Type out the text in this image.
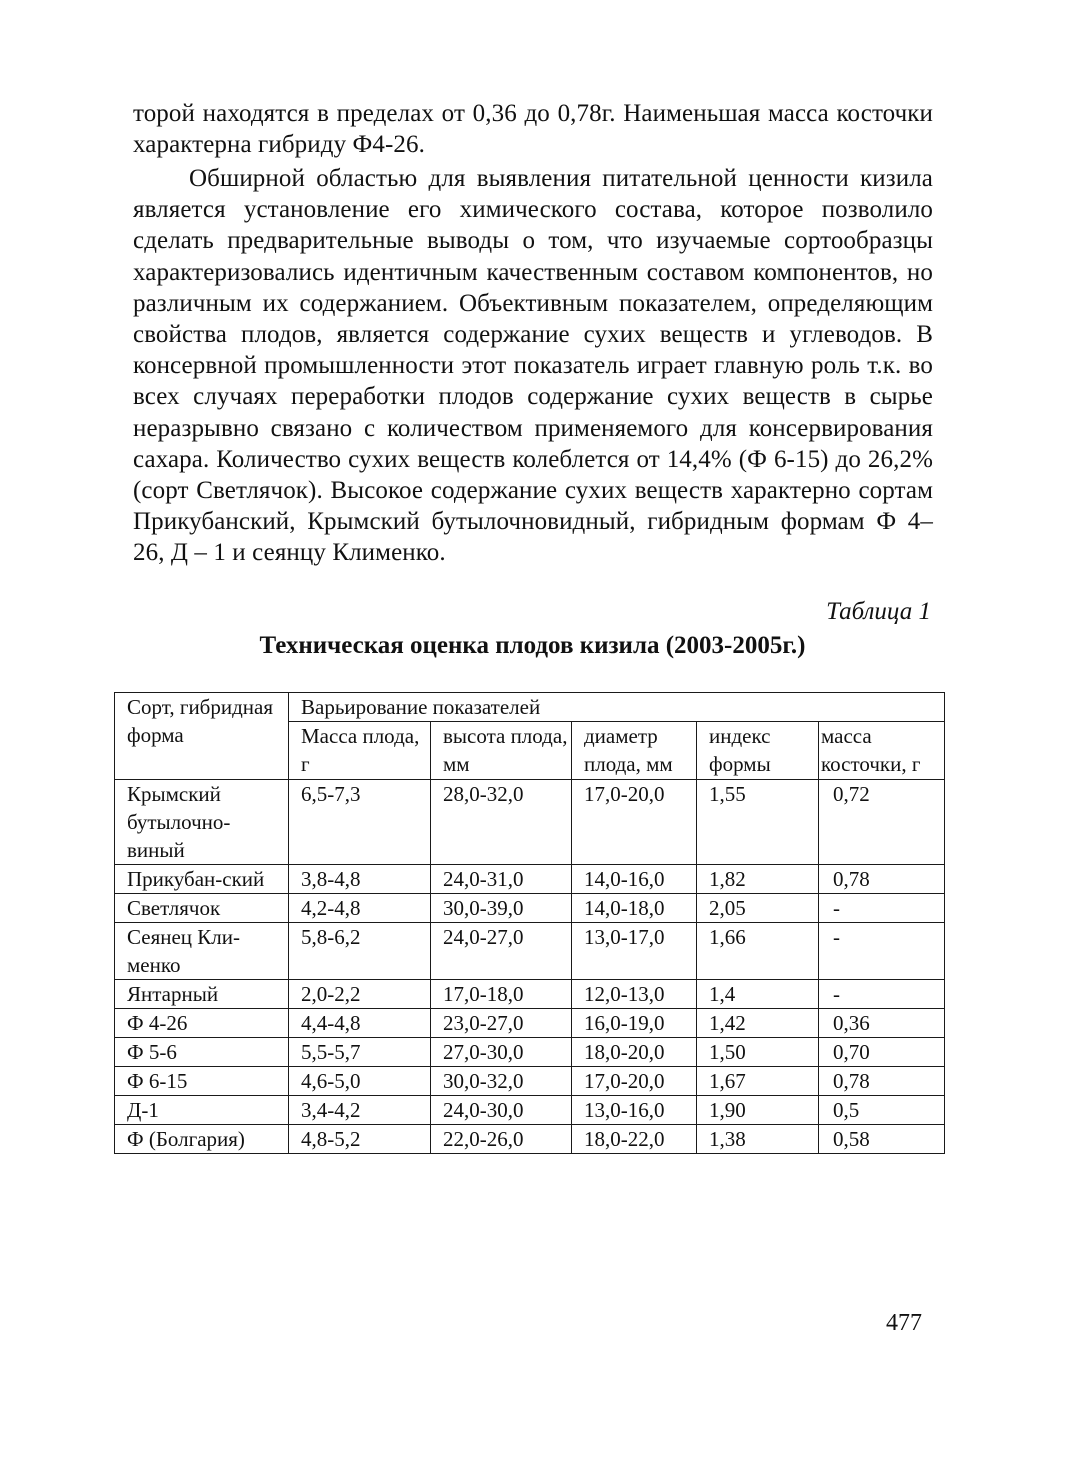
торой находятся в пределах от 0,36 до 0,78г. Наименьшая масса косточки характерна гибриду Ф4-26.

Обширной областью для выявления питательной ценности кизила является установление его химического состава, которое позволило сделать предварительные выводы о том, что изучаемые сортообразцы характеризовались идентичным качественным составом компонентов, но различным их содержанием. Объективным показателем, определяющим свойства плодов, является содержание сухих веществ и углеводов. В консервной промышленности этот показатель играет главную роль т.к. во всех случаях переработки плодов содержание сухих веществ в сырье неразрывно связано с количеством применяемого для консервирования сахара. Количество сухих веществ колеблется от 14,4% (Ф 6-15) до 26,2% (сорт Светлячок). Высокое содержание сухих веществ характерно сортам Прикубанский, Крымский бутылочновидный, гибридным формам Ф 4– 26, Д – 1 и сеянцу Клименко.

Таблица 1
Техническая оценка плодов кизила (2003-2005г.)
Сорт, гибридная форма	Варьирование показателей				
	Масса плода,     г	высота плода, мм	диаметр плода, мм	индекс формы	масса косточки, г
Крымский бутылочно-виный	6,5-7,3	28,0-32,0	17,0-20,0	1,55	0,72
Прикубан-ский	3,8-4,8	24,0-31,0	14,0-16,0	1,82	0,78
Светлячок	4,2-4,8	30,0-39,0	14,0-18,0	2,05	-
Сеянец Кли-менко	5,8-6,2	24,0-27,0	13,0-17,0	1,66	-
Янтарный	2,0-2,2	17,0-18,0	12,0-13,0	1,4	-
Ф 4-26	4,4-4,8	23,0-27,0	16,0-19,0	1,42	0,36
Ф 5-6	5,5-5,7	27,0-30,0	18,0-20,0	1,50	0,70
Ф 6-15	4,6-5,0	30,0-32,0	17,0-20,0	1,67	0,78
Д-1	3,4-4,2	24,0-30,0	13,0-16,0	1,90	0,5
Ф (Болгария)	4,8-5,2	22,0-26,0	18,0-22,0	1,38	0,58
477
